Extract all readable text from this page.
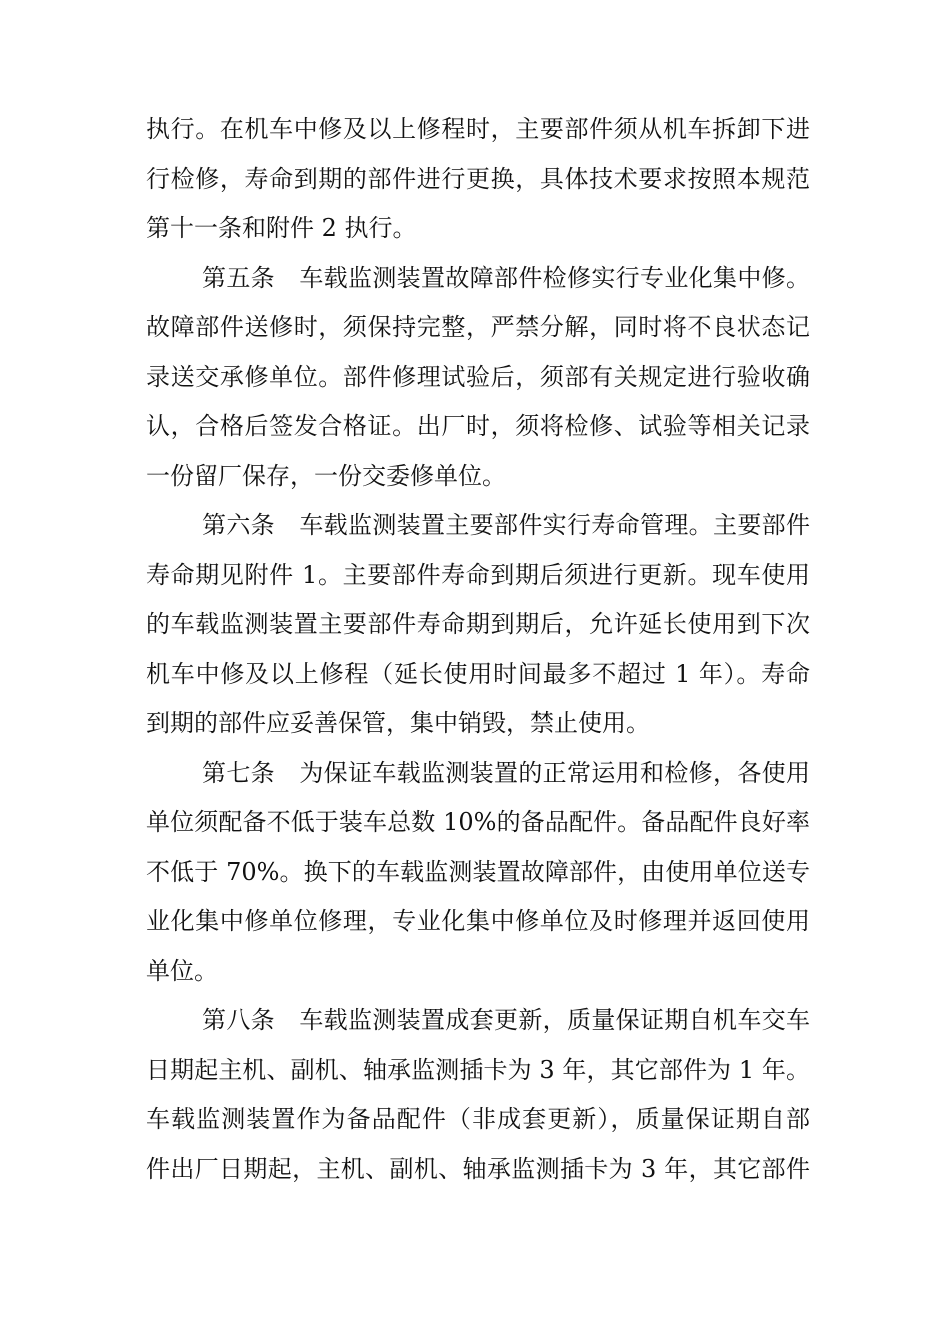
执行。在机车中修及以上修程时，主要部件须从机车拆卸下进
行检修，寿命到期的部件进行更换，具体技术要求按照本规范
第十一条和附件 2 执行。
第五条　车载监测装置故障部件检修实行专业化集中修。
故障部件送修时，须保持完整，严禁分解，同时将不良状态记
录送交承修单位。部件修理试验后，须部有关规定进行验收确
认，合格后签发合格证。出厂时，须将检修、试验等相关记录
一份留厂保存，一份交委修单位。
第六条　车载监测装置主要部件实行寿命管理。主要部件
寿命期见附件 1。主要部件寿命到期后须进行更新。现车使用
的车载监测装置主要部件寿命期到期后，允许延长使用到下次
机车中修及以上修程（延长使用时间最多不超过 1 年）。寿命
到期的部件应妥善保管，集中销毁，禁止使用。
第七条　为保证车载监测装置的正常运用和检修，各使用
单位须配备不低于装车总数 10%的备品配件。备品配件良好率
不低于 70%。换下的车载监测装置故障部件，由使用单位送专
业化集中修单位修理，专业化集中修单位及时修理并返回使用
单位。
第八条　车载监测装置成套更新，质量保证期自机车交车
日期起主机、副机、轴承监测插卡为 3 年，其它部件为 1 年。
车载监测装置作为备品配件（非成套更新），质量保证期自部
件出厂日期起，主机、副机、轴承监测插卡为 3 年，其它部件
